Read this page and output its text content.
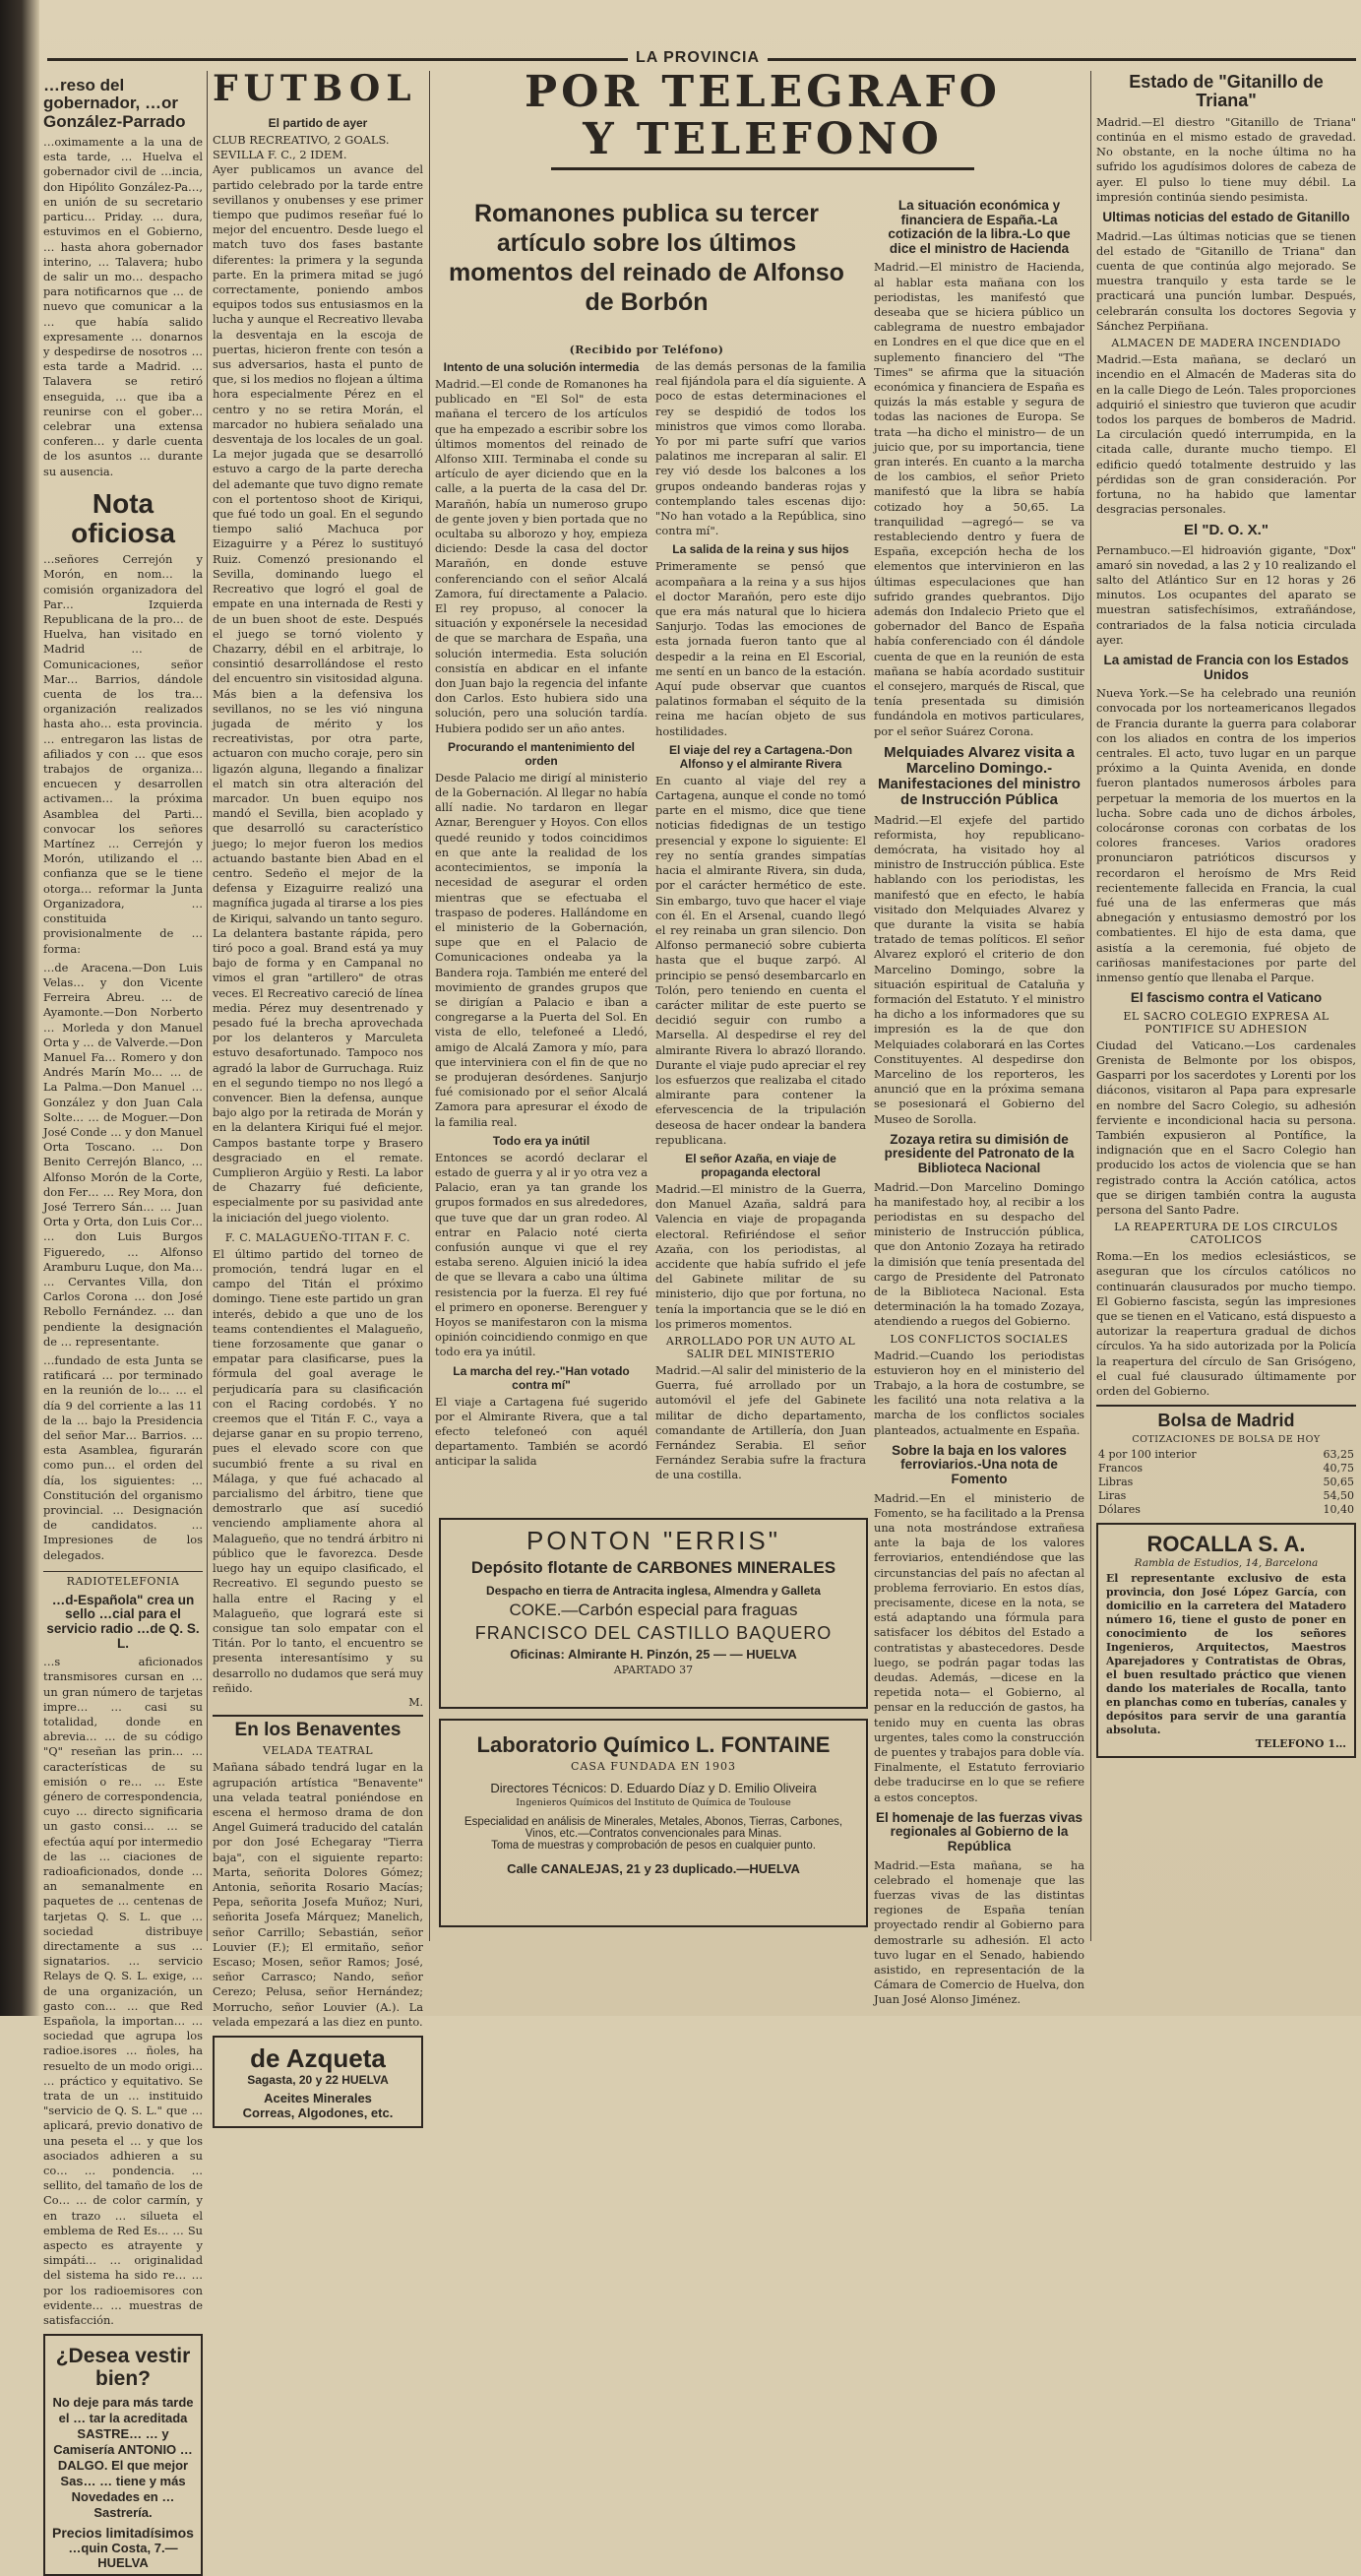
LA PROVINCIA
…reso del gobernador, …or González-Parrado
…oximamente a la una de esta tarde, … Huelva el gobernador civil de …incia, don Hipólito González-Pa…, en unión de su secretario particu… Priday. … dura, estuvimos en el Gobierno, … hasta ahora gobernador interino, … Talavera; hubo de salir un mo… despacho para notificarnos que … de nuevo que comunicar a la … que había salido expresamente … donarnos y despedirse de nosotros … esta tarde a Madrid. … Talavera se retiró enseguida, … que iba a reunirse con el gober… celebrar una extensa conferen… y darle cuenta de los asuntos … durante su ausencia.
Nota oficiosa
…señores Cerrejón y Morón, en nom… la comisión organizadora del Par… Izquierda Republicana de la pro… de Huelva, han visitado en Madrid … de Comunicaciones, señor Mar… Barrios, dándole cuenta de los tra… organización realizados hasta aho… esta provincia. … entregaron las listas de afiliados y con … que esos trabajos de organiza… encuecen y desarrollen activamen… la próxima Asamblea del Parti… convocar los señores Martínez … Cerrejón y Morón, utilizando el … confianza que se le tiene otorga… reformar la Junta Organizadora, … constituida provisionalmente de … forma:
…de Aracena.—Don Luis Velas… y don Vicente Ferreira Abreu. … de Ayamonte.—Don Norberto … Morleda y don Manuel Orta y … de Valverde.—Don Manuel Fa… Romero y don Andrés Marín Mo… … de La Palma.—Don Manuel … González y don Juan Cala Solte… … de Moguer.—Don José Conde … y don Manuel Orta Toscano. … Don Benito Cerrejón Blanco, … Alfonso Morón de la Corte, don Fer… … Rey Mora, don José Terrero Sán… … Juan Orta y Orta, don Luis Cor… … don Luis Burgos Figueredo, … Alfonso Aramburu Luque, don Ma… … Cervantes Villa, don Carlos Corona … don José Rebollo Fernández. … dan pendiente la designación de … representante.
…fundado de esta Junta se ratificará … por terminado en la reunión de lo… … el día 9 del corriente a las 11 de la … bajo la Presidencia del señor Mar… Barrios. … esta Asamblea, figurarán como pun… el orden del día, los siguientes: … Constitución del organismo provincial. … Designación de candidatos. … Impresiones de los delegados.
RADIOTELEFONIA
…d-Española" crea un sello …cial para el servicio radio …de Q. S. L.
…s aficionados transmisores cursan en … un gran número de tarjetas impre… … casi su totalidad, donde en abrevia… … de su código "Q" reseñan las prin… … características de su emisión o re… … Este género de correspondencia, cuyo … directo significaria un gasto consi… … se efectúa aquí por intermedio de las … ciaciones de radioaficionados, donde … an semanalmente en paquetes de … centenas de tarjetas Q. S. L. que … sociedad distribuye directamente a sus … signatarios. … servicio Relays de Q. S. L. exige, … de una organización, un gasto con… … que Red Española, la importan… … sociedad que agrupa los radioe.isores … ñoles, ha resuelto de un modo origi… … práctico y equitativo. Se trata de un … instituido "servicio de Q. S. L." que … aplicará, previo donativo de una peseta el … y que los asociados adhieren a su co… … pondencia. … sellito, del tamaño de los de Co… … de color carmín, y en trazo … silueta el emblema de Red Es… … Su aspecto es atrayente y simpáti… … originalidad del sistema ha sido re… … por los radioemisores con evidente… … muestras de satisfacción.
¿Desea vestir bien?
No deje para más tarde el … tar la acreditada SASTRE… … y Camisería ANTONIO … DALGO. El que mejor Sas… … tiene y más Novedades en … Sastrería.
Precios limitadísimos
…quin Costa, 7.—HUELVA
FUTBOL
El partido de ayer
CLUB RECREATIVO, 2 GOALS. SEVILLA F. C., 2 IDEM.
Ayer publicamos un avance del partido celebrado por la tarde entre sevillanos y onubenses y ese primer tiempo que pudimos reseñar fué lo mejor del encuentro. Desde luego el match tuvo dos fases bastante diferentes: la primera y la segunda parte. En la primera mitad se jugó correctamente, poniendo ambos equipos todos sus entusiasmos en la lucha y aunque el Recreativo llevaba la desventaja en la escoja de puertas, hicieron frente con tesón a sus adversarios, hasta el punto de que, si los medios no flojean a última hora especialmente Pérez en el centro y no se retira Morán, el marcador no hubiera señalado una desventaja de los locales de un goal. La mejor jugada que se desarrolló estuvo a cargo de la parte derecha del ademante que tuvo digno remate con el portentoso shoot de Kiriqui, que fué todo un goal. En el segundo tiempo salió Machuca por Eizaguirre y a Pérez lo sustituyó Ruiz. Comenzó presionando el Sevilla, dominando luego el Recreativo que logró el goal de empate en una internada de Resti y de un buen shoot de este. Después el juego se tornó violento y Chazarry, débil en el arbitraje, lo consintió desarrollándose el resto del encuentro sin visitosidad alguna. Más bien a la defensiva los sevillanos, no se les vió ninguna jugada de mérito y los recreativistas, por otra parte, actuaron con mucho coraje, pero sin ligazón alguna, llegando a finalizar el match sin otra alteración del marcador. Un buen equipo nos mandó el Sevilla, bien acoplado y que desarrolló su característico juego; lo mejor fueron los medios actuando bastante bien Abad en el centro. Sedeño el mejor de la defensa y Eizaguirre realizó una magnífica jugada al tirarse a los pies de Kiriqui, salvando un tanto seguro. La delantera bastante rápida, pero tiró poco a goal. Brand está ya muy bajo de forma y en Campanal no vimos el gran "artillero" de otras veces. El Recreativo careció de línea media. Pérez muy desentrenado y pesado fué la brecha aprovechada por los delanteros y Marculeta estuvo desafortunado. Tampoco nos agradó la labor de Gurruchaga. Ruiz en el segundo tiempo no nos llegó a convencer. Bien la defensa, aunque bajo algo por la retirada de Morán y en la delantera Kiriqui fué el mejor. Campos bastante torpe y Brasero desgraciado en el remate. Cumplieron Argüio y Resti. La labor de Chazarry fué deficiente, especialmente por su pasividad ante la iniciación del juego violento.
F. C. MALAGUEÑO-TITAN F. C.
El último partido del torneo de promoción, tendrá lugar en el campo del Titán el próximo domingo. Tiene este partido un gran interés, debido a que uno de los teams contendientes el Malagueño, tiene forzosamente que ganar o empatar para clasificarse, pues la fórmula del goal average le perjudicaría para su clasificación con el Racing cordobés. Y no creemos que el Titán F. C., vaya a dejarse ganar en su propio terreno, pues el elevado score con que sucumbió frente a su rival en Málaga, y que fué achacado al parcialismo del árbitro, tiene que demostrarlo que así sucedió venciendo ampliamente ahora al Malagueño, que no tendrá árbitro ni público que le favorezca. Desde luego hay un equipo clasificado, el Recreativo. El segundo puesto se halla entre el Racing y el Malagueño, que logrará este si consigue tan solo empatar con el Titán. Por lo tanto, el encuentro se presenta interesantísimo y su desarrollo no dudamos que será muy reñido.
M.
En los Benaventes
VELADA TEATRAL
Mañana sábado tendrá lugar en la agrupación artística "Benavente" una velada teatral poniéndose en escena el hermoso drama de don Angel Guimerá traducido del catalán por don José Echegaray "Tierra baja", con el siguiente reparto: Marta, señorita Dolores Gómez; Antonia, señorita Rosario Macías; Pepa, señorita Josefa Muñoz; Nuri, señorita Josefa Márquez; Manelich, señor Carrillo; Sebastián, señor Louvier (F.); El ermitaño, señor Escaso; Mosen, señor Ramos; José, señor Carrasco; Nando, señor Cerezo; Pelusa, señor Hernández; Morrucho, señor Louvier (A.). La velada empezará a las diez en punto.
de Azqueta
Sagasta, 20 y 22 HUELVA
Aceites Minerales
Correas, Algodones, etc.
POR TELEGRAFO
Y TELEFONO
Romanones publica su tercer artículo sobre los últimos momentos del reinado de Alfonso de Borbón
(Recibido por Teléfono)
Intento de una solución intermedia
Madrid.—El conde de Romanones ha publicado en "El Sol" de esta mañana el tercero de los artículos que ha empezado a escribir sobre los últimos momentos del reinado de Alfonso XIII. Terminaba el conde su artículo de ayer diciendo que en la calle, a la puerta de la casa del Dr. Marañón, había un numeroso grupo de gente joven y bien portada que no ocultaba su alborozo y hoy, empieza diciendo: Desde la casa del doctor Marañón, en donde estuve conferenciando con el señor Alcalá Zamora, fuí directamente a Palacio. El rey propuso, al conocer la situación y exponérsele la necesidad de que se marchara de España, una solución intermedia. Esta solución consistía en abdicar en el infante don Juan bajo la regencia del infante don Carlos. Esto hubiera sido una solución, pero una solución tardía. Hubiera podido ser un año antes.
Procurando el mantenimiento del orden
Desde Palacio me dirigí al ministerio de la Gobernación. Al llegar no había allí nadie. No tardaron en llegar Aznar, Berenguer y Hoyos. Con ellos quedé reunido y todos coincidimos en que ante la realidad de los acontecimientos, se imponía la necesidad de asegurar el orden mientras que se efectuaba el traspaso de poderes. Hallándome en el ministerio de la Gobernación, supe que en el Palacio de Comunicaciones ondeaba ya la Bandera roja. También me enteré del movimiento de grandes grupos que se dirigían a Palacio e iban a congregarse a la Puerta del Sol. En vista de ello, telefoneé a Lledó, amigo de Alcalá Zamora y mío, para que interviniera con el fin de que no se produjeran desórdenes. Sanjurjo fué comisionado por el señor Alcalá Zamora para apresurar el éxodo de la familia real.
Todo era ya inútil
Entonces se acordó declarar el estado de guerra y al ir yo otra vez a Palacio, eran ya tan grande los grupos formados en sus alrededores, que tuve que dar un gran rodeo. Al entrar en Palacio noté cierta confusión aunque vi que el rey estaba sereno. Alguien inició la idea de que se llevara a cabo una última resistencia por la fuerza. El rey fué el primero en oponerse. Berenguer y Hoyos se manifestaron con la misma opinión coincidiendo conmigo en que todo era ya inútil.
La marcha del rey.-"Han votado contra mí"
El viaje a Cartagena fué sugerido por el Almirante Rivera, que a tal efecto telefoneó con aquél departamento. También se acordó anticipar la salida
de las demás personas de la familia real fijándola para el día siguiente. A poco de estas determinaciones el rey se despidió de todos los ministros que vimos como lloraba. Yo por mi parte sufrí que varios palatinos me increparan al salir. El rey vió desde los balcones a los grupos ondeando banderas rojas y contemplando tales escenas dijo: "No han votado a la República, sino contra mí".
La salida de la reina y sus hijos
Primeramente se pensó que acompañara a la reina y a sus hijos el doctor Marañón, pero este dijo que era más natural que lo hiciera Sanjurjo. Todas las emociones de esta jornada fueron tanto que al despedir a la reina en El Escorial, me sentí en un banco de la estación. Aquí pude observar que cuantos palatinos formaban el séquito de la reina me hacían objeto de sus hostilidades.
El viaje del rey a Cartagena.-Don Alfonso y el almirante Rivera
En cuanto al viaje del rey a Cartagena, aunque el conde no tomó parte en el mismo, dice que tiene noticias fidedignas de un testigo presencial y expone lo siguiente: El rey no sentía grandes simpatías hacia el almirante Rivera, sin duda, por el carácter hermético de este. Sin embargo, tuvo que hacer el viaje con él. En el Arsenal, cuando llegó el rey reinaba un gran silencio. Don Alfonso permaneció sobre cubierta hasta que el buque zarpó. Al principio se pensó desembarcarlo en Tolón, pero teniendo en cuenta el carácter militar de este puerto se decidió seguir con rumbo a Marsella. Al despedirse el rey del almirante Rivera lo abrazó llorando. Durante el viaje pudo apreciar el rey los esfuerzos que realizaba el citado almirante para contener la efervescencia de la tripulación deseosa de hacer ondear la bandera republicana.
El señor Azaña, en viaje de propaganda electoral
Madrid.—El ministro de la Guerra, don Manuel Azaña, saldrá para Valencia en viaje de propaganda electoral. Refiriéndose el señor Azaña, con los periodistas, al accidente que había sufrido el jefe del Gabinete militar de su ministerio, dijo que por fortuna, no tenía la importancia que se le dió en los primeros momentos.
ARROLLADO POR UN AUTO AL SALIR DEL MINISTERIO
Madrid.—Al salir del ministerio de la Guerra, fué arrollado por un automóvil el jefe del Gabinete militar de dicho departamento, comandante de Artillería, don Juan Fernández Serabia. El señor Fernández Serabia sufre la fractura de una costilla.
PONTON "ERRIS"
Depósito flotante de CARBONES MINERALES
Despacho en tierra de Antracita inglesa, Almendra y Galleta
COKE.—Carbón especial para fraguas
FRANCISCO DEL CASTILLO BAQUERO
Oficinas: Almirante H. Pinzón, 25 — — HUELVA
APARTADO 37
Laboratorio Químico L. FONTAINE
CASA FUNDADA EN 1903
Directores Técnicos: D. Eduardo Díaz y D. Emilio Oliveira
Ingenieros Químicos del Instituto de Química de Toulouse
Especialidad en análisis de Minerales, Metales, Abonos, Tierras, Carbones, Vinos, etc.—Contratos convencionales para Minas.
Toma de muestras y comprobación de pesos en cualquier punto.
Calle CANALEJAS, 21 y 23 duplicado.—HUELVA
La situación económica y financiera de España.-La cotización de la libra.-Lo que dice el ministro de Hacienda
Madrid.—El ministro de Hacienda, al hablar esta mañana con los periodistas, les manifestó que deseaba que se hiciera público un cablegrama de nuestro embajador en Londres en el que dice que en el suplemento financiero del "The Times" se afirma que la situación económica y financiera de España es quizás la más estable y segura de todas las naciones de Europa. Se trata —ha dicho el ministro— de un juicio que, por su importancia, tiene gran interés. En cuanto a la marcha de los cambios, el señor Prieto manifestó que la libra se había cotizado hoy a 50,65. La tranquilidad —agregó— se va restableciendo dentro y fuera de España, excepción hecha de los elementos que intervinieron en las últimas especulaciones que han sufrido grandes quebrantos. Dijo además don Indalecio Prieto que el gobernador del Banco de España había conferenciado con él dándole cuenta de que en la reunión de esta mañana se había acordado sustituir el consejero, marqués de Riscal, que tenía presentada su dimisión fundándola en motivos particulares, por el señor Suárez Corona.
Melquiades Alvarez visita a Marcelino Domingo.-Manifestaciones del ministro de Instrucción Pública
Madrid.—El exjefe del partido reformista, hoy republicano-demócrata, ha visitado hoy al ministro de Instrucción pública. Este hablando con los periodistas, les manifestó que en efecto, le había visitado don Melquiades Alvarez y que durante la visita se había tratado de temas políticos. El señor Alvarez exploró el criterio de don Marcelino Domingo, sobre la situación espiritual de Cataluña y formación del Estatuto. Y el ministro ha dicho a los informadores que su impresión es la de que don Melquiades colaborará en las Cortes Constituyentes. Al despedirse don Marcelino de los reporteros, les anunció que en la próxima semana se posesionará el Gobierno del Museo de Sorolla.
Zozaya retira su dimisión de presidente del Patronato de la Biblioteca Nacional
Madrid.—Don Marcelino Domingo ha manifestado hoy, al recibir a los periodistas en su despacho del ministerio de Instrucción pública, que don Antonio Zozaya ha retirado la dimisión que tenía presentada del cargo de Presidente del Patronato de la Biblioteca Nacional. Esta determinación la ha tomado Zozaya, atendiendo a ruegos del Gobierno.
LOS CONFLICTOS SOCIALES
Madrid.—Cuando los periodistas estuvieron hoy en el ministerio del Trabajo, a la hora de costumbre, se les facilitó una nota relativa a la marcha de los conflictos sociales planteados, actualmente en España.
Sobre la baja en los valores ferroviarios.-Una nota de Fomento
Madrid.—En el ministerio de Fomento, se ha facilitado a la Prensa una nota mostrándose extrañesa ante la baja de los valores ferroviarios, entendiéndose que las circunstancias del país no afectan al problema ferroviario. En estos días, precisamente, dicese en la nota, se está adaptando una fórmula para satisfacer los débitos del Estado a contratistas y abastecedores. Desde luego, se podrán pagar todas las deudas. Además, —dicese en la repetida nota— el Gobierno, al pensar en la reducción de gastos, ha tenido muy en cuenta las obras urgentes, tales como la construcción de puentes y trabajos para doble vía. Finalmente, el Estatuto ferroviario debe traducirse en lo que se refiere a estos conceptos.
El homenaje de las fuerzas vivas regionales al Gobierno de la República
Madrid.—Esta mañana, se ha celebrado el homenaje que las fuerzas vivas de las distintas regiones de España tenían proyectado rendir al Gobierno para demostrarle su adhesión. El acto tuvo lugar en el Senado, habiendo asistido, en representación de la Cámara de Comercio de Huelva, don Juan José Alonso Jiménez.
Estado de "Gitanillo de Triana"
Madrid.—El diestro "Gitanillo de Triana" continúa en el mismo estado de gravedad. No obstante, en la noche última no ha sufrido los agudísimos dolores de cabeza de ayer. El pulso lo tiene muy débil. La impresión continúa siendo pesimista.
Ultimas noticias del estado de Gitanillo
Madrid.—Las últimas noticias que se tienen del estado de "Gitanillo de Triana" dan cuenta de que continúa algo mejorado. Se muestra tranquilo y esta tarde se le practicará una punción lumbar. Después, celebrarán consulta los doctores Segovia y Sánchez Perpiñana.
ALMACEN DE MADERA INCENDIADO
Madrid.—Esta mañana, se declaró un incendio en el Almacén de Maderas sita do en la calle Diego de León. Tales proporciones adquirió el siniestro que tuvieron que acudir todos los parques de bomberos de Madrid. La circulación quedó interrumpida, en la citada calle, durante mucho tiempo. El edificio quedó totalmente destruido y las pérdidas son de gran consideración. Por fortuna, no ha habido que lamentar desgracias personales.
El "D. O. X."
Pernambuco.—El hidroavión gigante, "Dox" amaró sin novedad, a las 2 y 10 realizando el salto del Atlántico Sur en 12 horas y 26 minutos. Los ocupantes del aparato se muestran satisfechísimos, extrañándose, contrariados de la falsa noticia circulada ayer.
La amistad de Francia con los Estados Unidos
Nueva York.—Se ha celebrado una reunión convocada por los norteamericanos llegados de Francia durante la guerra para colaborar con los aliados en contra de los imperios centrales. El acto, tuvo lugar en un parque próximo a la Quinta Avenida, en donde fueron plantados numerosos árboles para perpetuar la memoria de los muertos en la lucha. Sobre cada uno de dichos árboles, colocáronse coronas con corbatas de los colores franceses. Varios oradores pronunciaron patrióticos discursos y recordaron el heroísmo de Mrs Reid recientemente fallecida en Francia, la cual fué una de las enfermeras que más abnegación y entusiasmo demostró por los combatientes. El hijo de esta dama, que asistía a la ceremonia, fué objeto de cariñosas manifestaciones por parte del inmenso gentío que llenaba el Parque.
El fascismo contra el Vaticano
EL SACRO COLEGIO EXPRESA AL PONTIFICE SU ADHESION
Ciudad del Vaticano.—Los cardenales Grenista de Belmonte por los obispos, Gasparri por los sacerdotes y Lorenti por los diáconos, visitaron al Papa para expresarle en nombre del Sacro Colegio, su adhesión ferviente e incondicional hacia su persona. También expusieron al Pontífice, la indignación que en el Sacro Colegio han producido los actos de violencia que se han registrado contra la Acción católica, actos que se dirigen también contra la augusta persona del Santo Padre.
LA REAPERTURA DE LOS CIRCULOS CATOLICOS
Roma.—En los medios eclesiásticos, se aseguran que los círculos católicos no continuarán clausurados por mucho tiempo. El Gobierno fascista, según las impresiones que se tienen en el Vaticano, está dispuesto a autorizar la reapertura gradual de dichos círculos. Ya ha sido autorizada por la Policía la reapertura del círculo de San Grisógeno, el cual fué clausurado últimamente por orden del Gobierno.
Bolsa de Madrid
COTIZACIONES DE BOLSA DE HOY
4 por 100 interior	63,25
Francos	40,75
Libras	50,65
Liras	54,50
Dólares	10,40
ROCALLA S. A.
Rambla de Estudios, 14, Barcelona
El representante exclusivo de esta provincia, don José López García, con domicilio en la carretera del Matadero número 16, tiene el gusto de poner en conocimiento de los señores Ingenieros, Arquitectos, Maestros Aparejadores y Contratistas de Obras, el buen resultado práctico que vienen dando los materiales de Rocalla, tanto en planchas como en tuberías, canales y depósitos para servir de una garantía absoluta.
TELEFONO 1…
